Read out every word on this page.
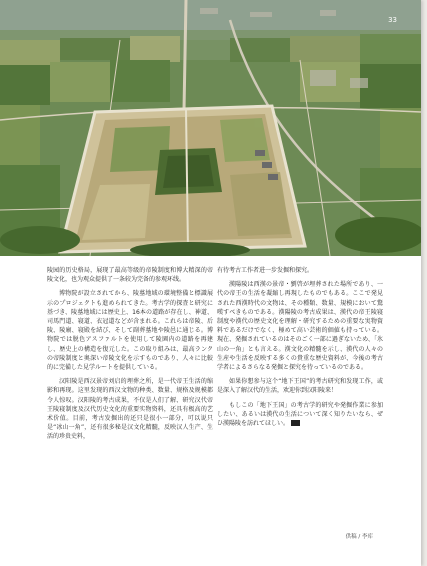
33

陵园的历史格局，展现了最高等级的帝陵制度和博大精深的帝陵文化，也为观众提供了一条较为完备的参观环线。

博物院が設立されてから、陵墓地域の環境整備と標識展示のプロジェクトも進められてきた。考古学的探査と研究に基づき、陵墓地域には歴史上、16本の道路が存在し、神道、司馬門道、寝道、衣冠道などが含まれる。これらは帝陵、后陵、陵廟、寝殿を結び、そして副葬墓地や陵邑に通じる。博物院では脱色アスファルトを使用して陵園内の道路を再建し、歴史上の構造を復元した。この取り組みは、最高ランクの帝陵制度と奥深い帝陵文化を示すものであり、人々に比較的に完備した見学ルートを提供している。

汉阳陵是西汉景帝刘启的埋葬之所，是一代帝王生活的缩影和再现。这里发现的西汉文物的种类、数量、规格及规模都令人惊叹。汉阳陵的考古成果，不仅是人们了解、研究汉代帝王陵寝制度及汉代历史文化的重要实物资料，还具有极高的艺术价值。目前，考古发掘出的还只是很小一部分，可以说只是“冰山一角”，还有很多秘是汉文化精髓，反映汉人生产、生活的珍贵史料，

有待考古工作者进一步发掘和探究。

漢陽陵は西漢の景帝・劉啓が埋葬された場所であり、一代の帝王の生活を凝縮し再現したものでもある。ここで発見された西漢時代の文物は、その種類、数量、規模において驚嘆すべきものである。漢陽陵の考古成果は、漢代の帝王陵寝制度や漢代の歴史文化を理解・研究するための重要な実物資料であるだけでなく、極めて高い芸術的価値も持っている。現在、発掘されているのはそのごく一部に過ぎないため、「氷山の一角」とも言える。漢文化の精髄を示し、漢代の人々の生産や生活を反映する多くの貴重な歴史資料が、今後の考古学者によるさらなる発掘と探究を待っているのである。

如果你想参与这个“地下王国”的考古研究和发现工作，或是深入了解汉代的生活，欢迎你到汉阳陵来！

もしこの「地下王国」の考古学的研究や発掘作業に参加したい、あるいは漢代の生活について深く知りたいなら、ぜひ漢陽陵を訪れてほしい。

供稿 / 李库
